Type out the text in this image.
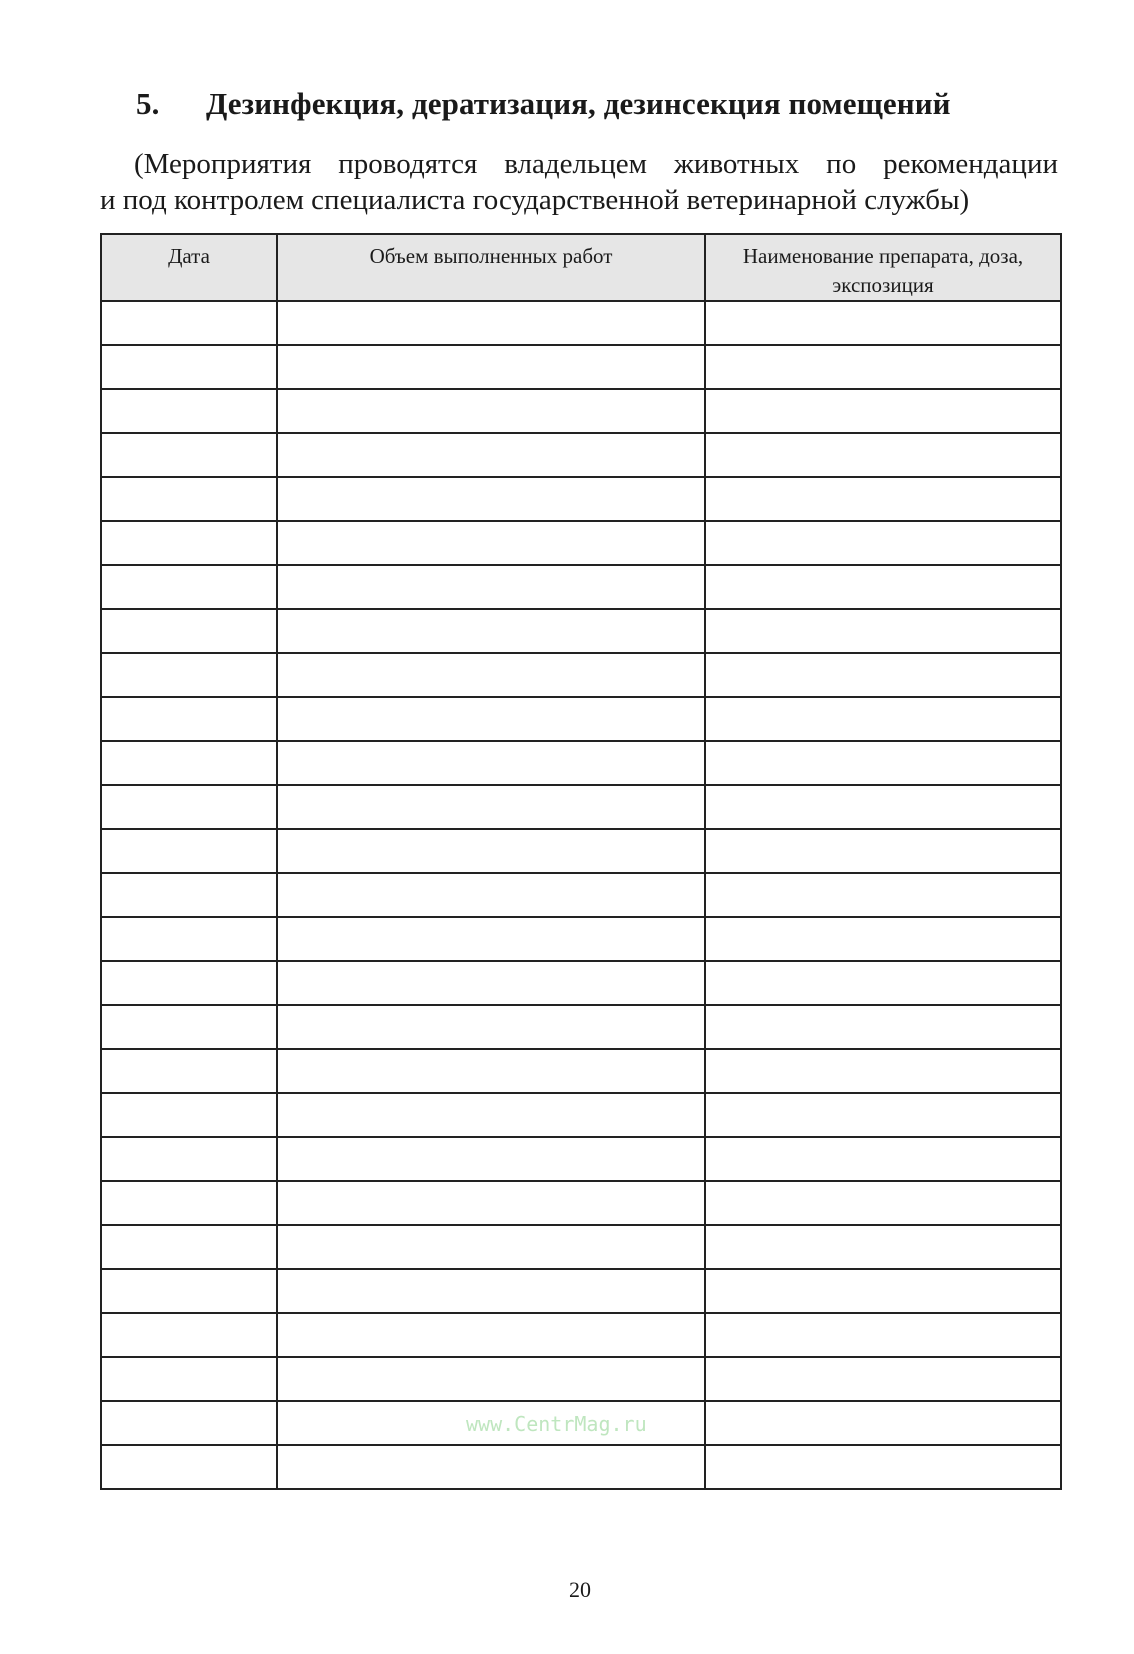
5. Дезинфекция, дератизация, дезинсекция помещений
(Мероприятия проводятся владельцем животных по рекомендации
и под контролем специалиста государственной ветеринарной службы)
Дата	Объем выполненных работ	Наименование препарата, доза, экспозиция

www.CentrMag.ru
20
